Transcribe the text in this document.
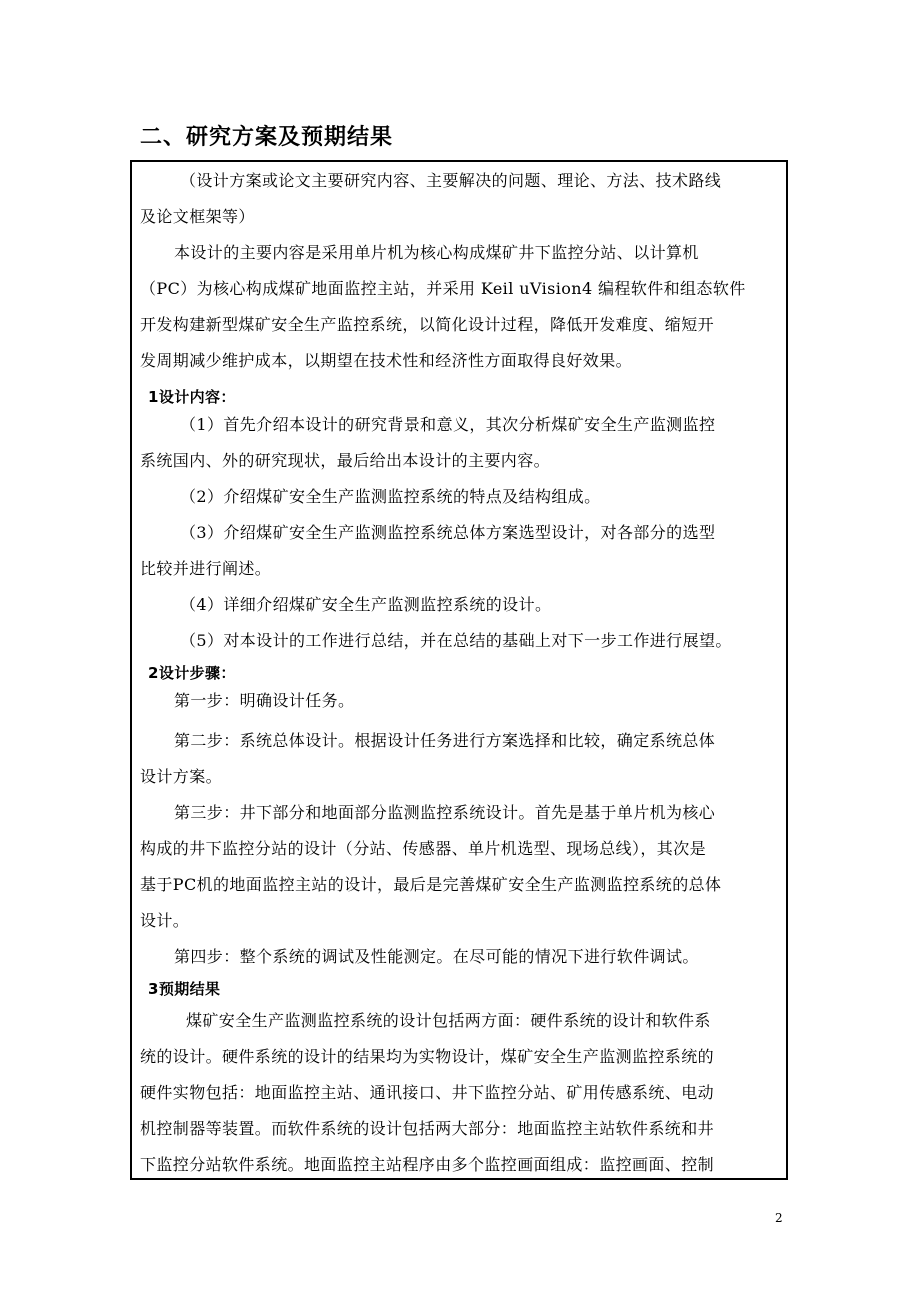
二、研究方案及预期结果
（设计方案或论文主要研究内容、主要解决的问题、理论、方法、技术路线
及论文框架等）
本设计的主要内容是采用单片机为核心构成煤矿井下监控分站、以计算机
（PC）为核心构成煤矿地面监控主站，并采用 Keil uVision4 编程软件和组态软件
开发构建新型煤矿安全生产监控系统，以简化设计过程，降低开发难度、缩短开
发周期减少维护成本，以期望在技术性和经济性方面取得良好效果。
1设计内容：
（1）首先介绍本设计的研究背景和意义，其次分析煤矿安全生产监测监控
系统国内、外的研究现状，最后给出本设计的主要内容。
（2）介绍煤矿安全生产监测监控系统的特点及结构组成。
（3）介绍煤矿安全生产监测监控系统总体方案选型设计，对各部分的选型
比较并进行阐述。
（4）详细介绍煤矿安全生产监测监控系统的设计。
（5）对本设计的工作进行总结，并在总结的基础上对下一步工作进行展望。
2设计步骤：
第一步：明确设计任务。
第二步：系统总体设计。根据设计任务进行方案选择和比较，确定系统总体
设计方案。
第三步：井下部分和地面部分监测监控系统设计。首先是基于单片机为核心
构成的井下监控分站的设计（分站、传感器、单片机选型、现场总线），其次是
基于PC机的地面监控主站的设计，最后是完善煤矿安全生产监测监控系统的总体
设计。
第四步：整个系统的调试及性能测定。在尽可能的情况下进行软件调试。
3预期结果
煤矿安全生产监测监控系统的设计包括两方面：硬件系统的设计和软件系
统的设计。硬件系统的设计的结果均为实物设计，煤矿安全生产监测监控系统的
硬件实物包括：地面监控主站、通讯接口、井下监控分站、矿用传感系统、电动
机控制器等装置。而软件系统的设计包括两大部分：地面监控主站软件系统和井
下监控分站软件系统。地面监控主站程序由多个监控画面组成：监控画面、控制
2
